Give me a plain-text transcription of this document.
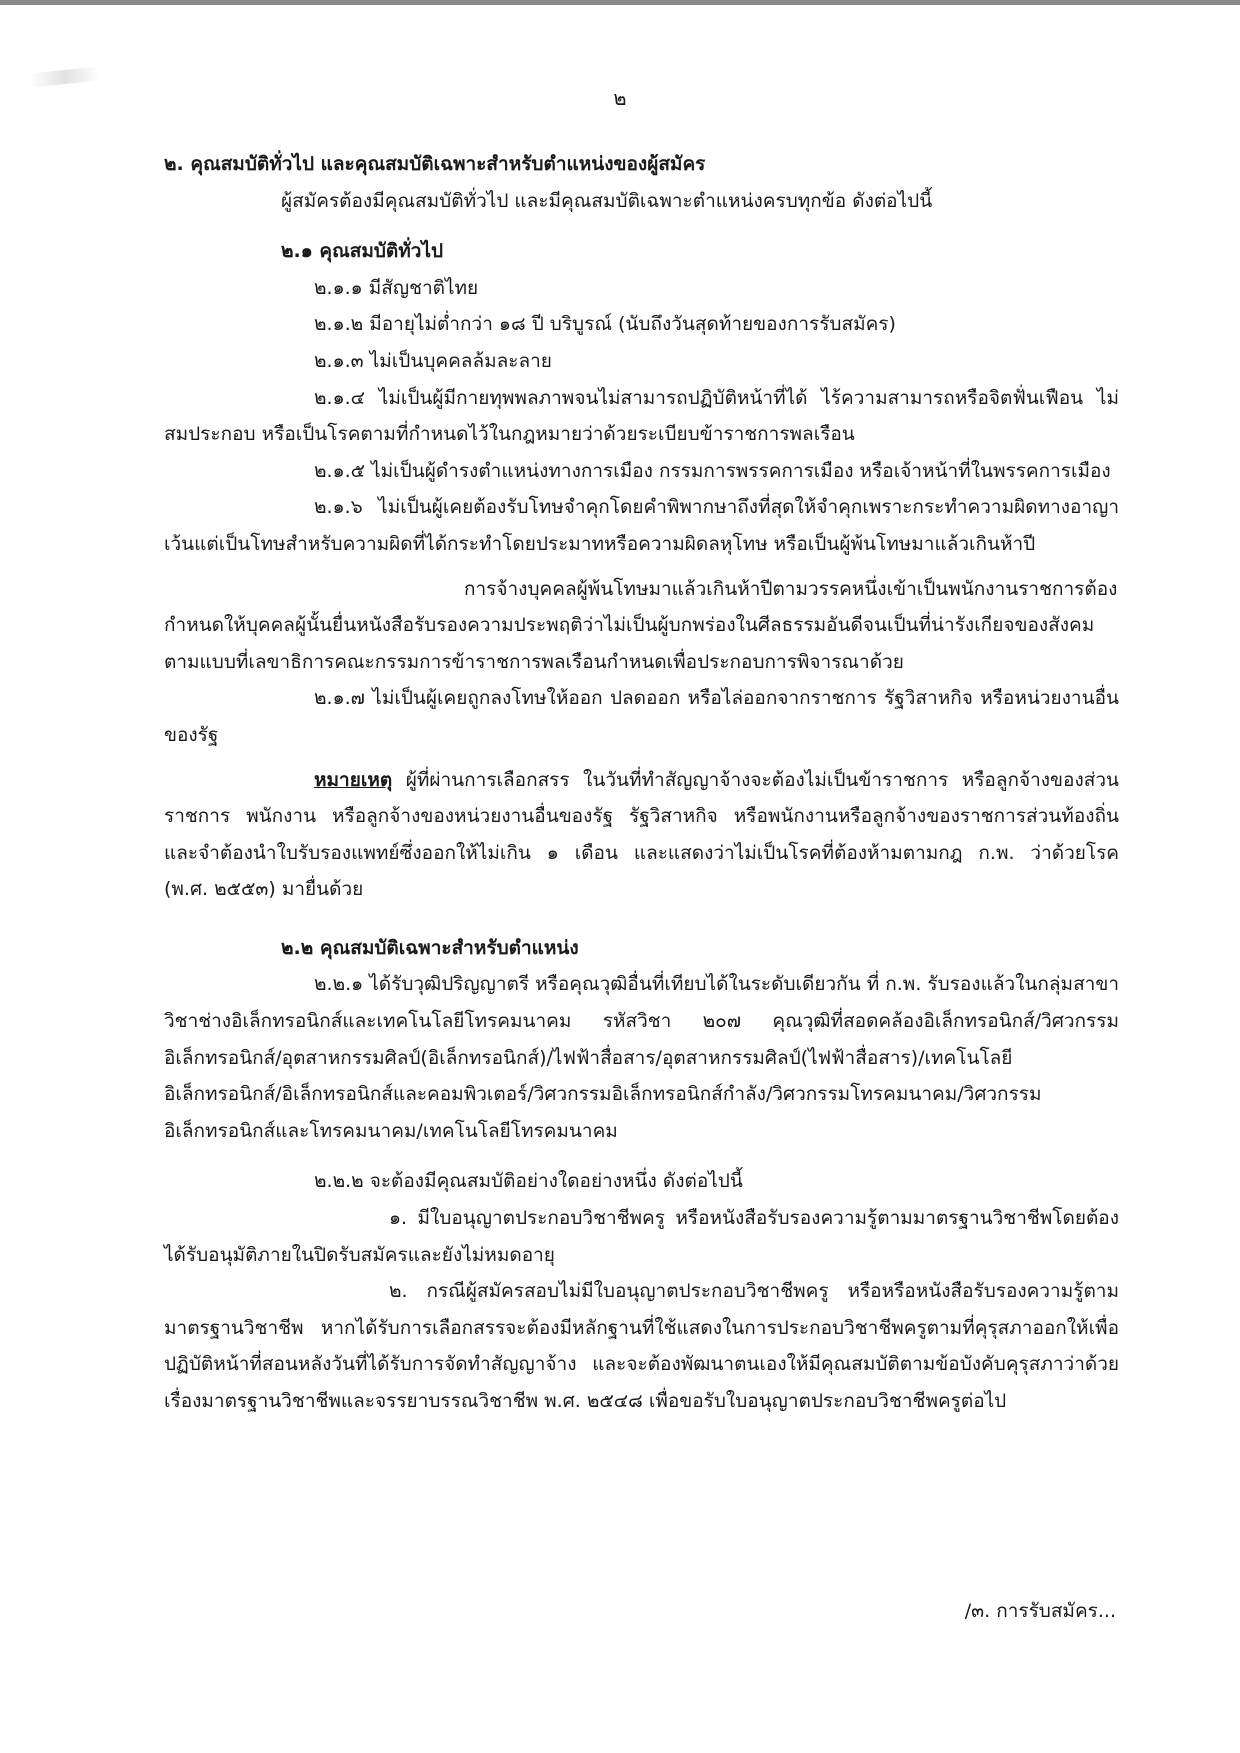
๒

๒. คุณสมบัติทั่วไป และคุณสมบัติเฉพาะสำหรับตำแหน่งของผู้สมัคร

ผู้สมัครต้องมีคุณสมบัติทั่วไป และมีคุณสมบัติเฉพาะตำแหน่งครบทุกข้อ ดังต่อไปนี้

๒.๑ คุณสมบัติทั่วไป

๒.๑.๑ มีสัญชาติไทย

๒.๑.๒ มีอายุไม่ต่ำกว่า ๑๘ ปี บริบูรณ์ (นับถึงวันสุดท้ายของการรับสมัคร)

๒.๑.๓ ไม่เป็นบุคคลล้มละลาย

๒.๑.๔ ไม่เป็นผู้มีกายทุพพลภาพจนไม่สามารถปฏิบัติหน้าที่ได้ ไร้ความสามารถหรือจิตฟั่นเฟือน ไม่สมประกอบ หรือเป็นโรคตามที่กำหนดไว้ในกฎหมายว่าด้วยระเบียบข้าราชการพลเรือน

๒.๑.๕ ไม่เป็นผู้ดำรงตำแหน่งทางการเมือง กรรมการพรรคการเมือง หรือเจ้าหน้าที่ในพรรคการเมือง

๒.๑.๖ ไม่เป็นผู้เคยต้องรับโทษจำคุกโดยคำพิพากษาถึงที่สุดให้จำคุกเพราะกระทำความผิดทางอาญา เว้นแต่เป็นโทษสำหรับความผิดที่ได้กระทำโดยประมาทหรือความผิดลหุโทษ หรือเป็นผู้พ้นโทษมาแล้วเกินห้าปี

การจ้างบุคคลผู้พ้นโทษมาแล้วเกินห้าปีตามวรรคหนึ่งเข้าเป็นพนักงานราชการต้องกำหนดให้บุคคลผู้นั้นยื่นหนังสือรับรองความประพฤติว่าไม่เป็นผู้บกพร่องในศีลธรรมอันดีจนเป็นที่น่ารังเกียจของสังคมตามแบบที่เลขาธิการคณะกรรมการข้าราชการพลเรือนกำหนดเพื่อประกอบการพิจารณาด้วย

๒.๑.๗ ไม่เป็นผู้เคยถูกลงโทษให้ออก ปลดออก หรือไล่ออกจากราชการ รัฐวิสาหกิจ หรือหน่วยงานอื่นของรัฐ

หมายเหตุ ผู้ที่ผ่านการเลือกสรร ในวันที่ทำสัญญาจ้างจะต้องไม่เป็นข้าราชการ หรือลูกจ้างของส่วนราชการ พนักงาน หรือลูกจ้างของหน่วยงานอื่นของรัฐ รัฐวิสาหกิจ หรือพนักงานหรือลูกจ้างของราชการส่วนท้องถิ่น และจำต้องนำใบรับรองแพทย์ซึ่งออกให้ไม่เกิน ๑ เดือน และแสดงว่าไม่เป็นโรคที่ต้องห้ามตามกฎ ก.พ. ว่าด้วยโรค (พ.ศ. ๒๕๕๓) มายื่นด้วย

๒.๒ คุณสมบัติเฉพาะสำหรับตำแหน่ง

๒.๒.๑ ได้รับวุฒิปริญญาตรี หรือคุณวุฒิอื่นที่เทียบได้ในระดับเดียวกัน ที่ ก.พ. รับรองแล้วในกลุ่มสาขาวิชาช่างอิเล็กทรอนิกส์และเทคโนโลยีโทรคมนาคม รหัสวิชา ๒๐๗ คุณวุฒิที่สอดคล้องอิเล็กทรอนิกส์/วิศวกรรมอิเล็กทรอนิกส์/อุตสาหกรรมศิลป์(อิเล็กทรอนิกส์)/ไฟฟ้าสื่อสาร/อุตสาหกรรมศิลป์(ไฟฟ้าสื่อสาร)/เทคโนโลยีอิเล็กทรอนิกส์/อิเล็กทรอนิกส์และคอมพิวเตอร์/วิศวกรรมอิเล็กทรอนิกส์กำลัง/วิศวกรรมโทรคมนาคม/วิศวกรรมอิเล็กทรอนิกส์และโทรคมนาคม/เทคโนโลยีโทรคมนาคม

๒.๒.๒ จะต้องมีคุณสมบัติอย่างใดอย่างหนึ่ง ดังต่อไปนี้

๑. มีใบอนุญาตประกอบวิชาชีพครู หรือหนังสือรับรองความรู้ตามมาตรฐานวิชาชีพโดยต้องได้รับอนุมัติภายในปิดรับสมัครและยังไม่หมดอายุ

๒. กรณีผู้สมัครสอบไม่มีใบอนุญาตประกอบวิชาชีพครู หรือหรือหนังสือรับรองความรู้ตามมาตรฐานวิชาชีพ หากได้รับการเลือกสรรจะต้องมีหลักฐานที่ใช้แสดงในการประกอบวิชาชีพครูตามที่คุรุสภาออกให้เพื่อปฏิบัติหน้าที่สอนหลังวันที่ได้รับการจัดทำสัญญาจ้าง และจะต้องพัฒนาตนเองให้มีคุณสมบัติตามข้อบังคับคุรุสภาว่าด้วยเรื่องมาตรฐานวิชาชีพและจรรยาบรรณวิชาชีพ พ.ศ. ๒๕๔๘ เพื่อขอรับใบอนุญาตประกอบวิชาชีพครูต่อไป

/๓. การรับสมัคร...
